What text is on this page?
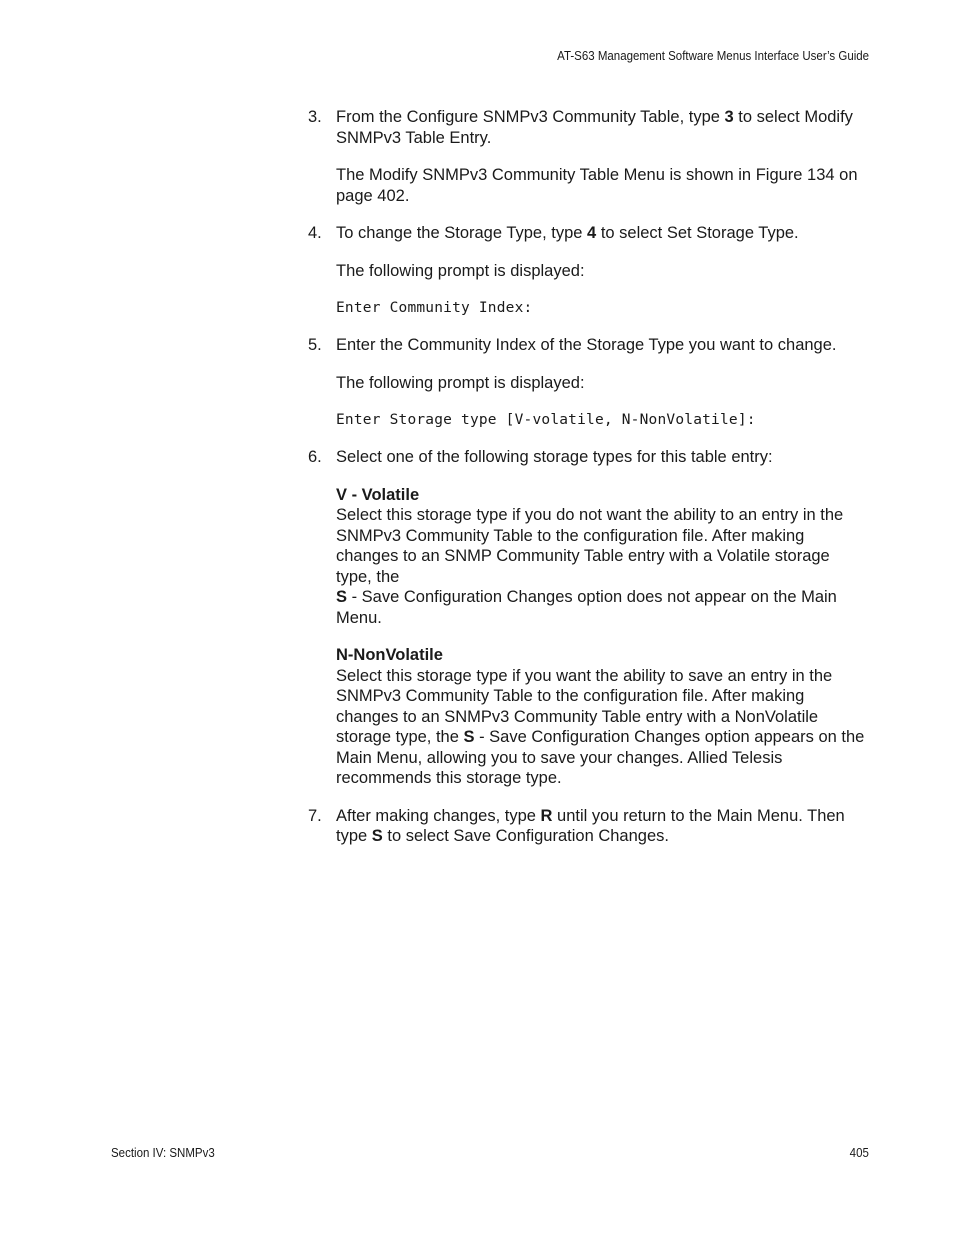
AT-S63 Management Software Menus Interface User’s Guide
3. From the Configure SNMPv3 Community Table, type 3 to select Modify SNMPv3 Table Entry.

The Modify SNMPv3 Community Table Menu is shown in Figure 134 on page 402.

4. To change the Storage Type, type 4 to select Set Storage Type.

The following prompt is displayed:

Enter Community Index:
5. Enter the Community Index of the Storage Type you want to change.

The following prompt is displayed:

Enter Storage type [V-volatile, N-NonVolatile]:
6. Select one of the following storage types for this table entry:

V - Volatile
Select this storage type if you do not want the ability to an entry in the SNMPv3 Community Table to the configuration file. After making changes to an SNMP Community Table entry with a Volatile storage type, the
S - Save Configuration Changes option does not appear on the Main Menu.
N-NonVolatile
Select this storage type if you want the ability to save an entry in the SNMPv3 Community Table to the configuration file. After making changes to an SNMPv3 Community Table entry with a NonVolatile storage type, the S - Save Configuration Changes option appears on the Main Menu, allowing you to save your changes. Allied Telesis recommends this storage type.
7. After making changes, type R until you return to the Main Menu. Then type S to select Save Configuration Changes.

Section IV: SNMPv3	405
